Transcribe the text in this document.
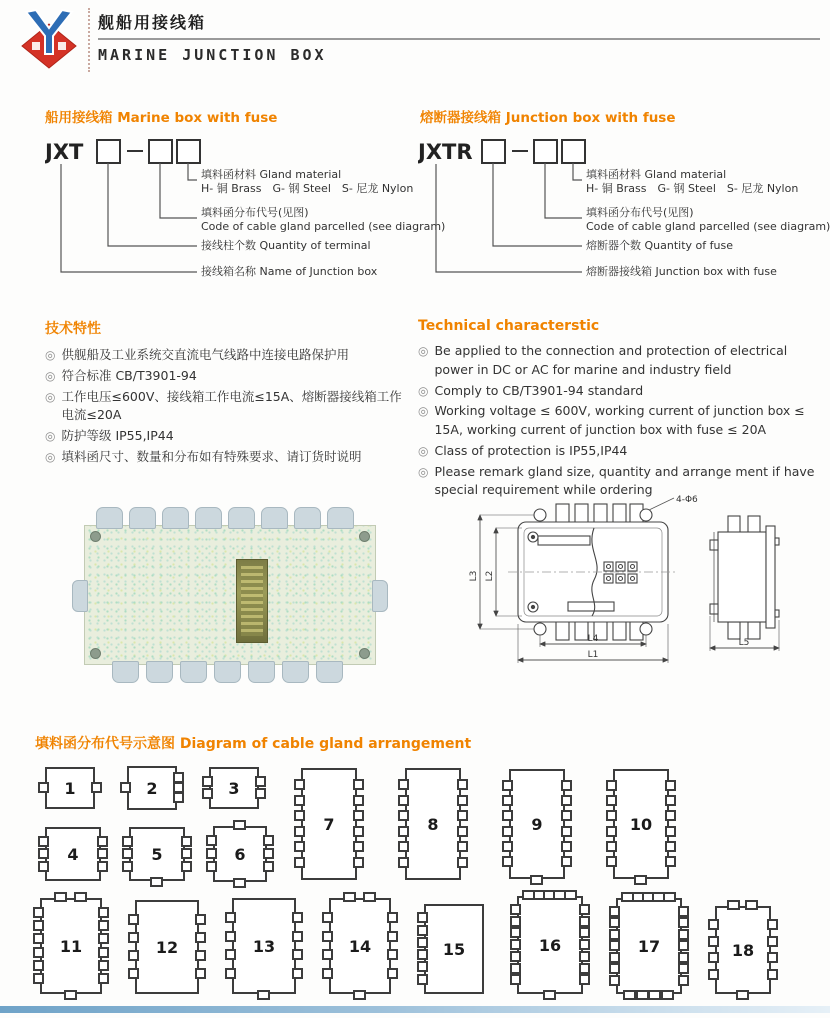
舰船用接线箱
MARINE JUNCTION BOX
船用接线箱 Marine box with fuse	熔断器接线箱 Junction box with fuse
JXT
填料函材料 Gland material
H- 铜 Brass　G- 钢 Steel　S- 尼龙 Nylon
填料函分布代号(见图)
Code of cable gland parcelled (see diagram)
接线柱个数 Quantity of terminal
接线箱名称 Name of Junction box
JXTR
填料函材料 Gland material
H- 铜 Brass　G- 钢 Steel　S- 尼龙 Nylon
填料函分布代号(见图)
Code of cable gland parcelled (see diagram)
熔断器个数 Quantity of fuse
熔断器接线箱 Junction box with fuse
技术特性
◎ 供舰船及工业系统交直流电气线路中连接电路保护用
◎ 符合标准 CB/T3901-94
◎ 工作电压≤600V、接线箱工作电流≤15A、熔断器接线箱工作电流≤20A
◎ 防护等级 IP55,IP44
◎ 填料函尺寸、数量和分布如有特殊要求、请订货时说明
Technical characterstic
◎ Be applied to the connection and protection of electrical power in DC or AC for marine and industry field
◎ Comply to CB/T3901-94 standard
◎ Working voltage ≤ 600V, working current of junction box ≤ 15A, working current of junction box with fuse ≤ 20A
◎ Class of protection is IP55,IP44
◎ Please remark gland size, quantity and arrange ment if have special requirement while ordering
4-Φ6
L3 L2
L4
L1
L5
填料函分布代号示意图 Diagram of cable gland arrangement
1	2	3
4	5	6
7	8	9	10
11	12	13	14	15	16	17	18
